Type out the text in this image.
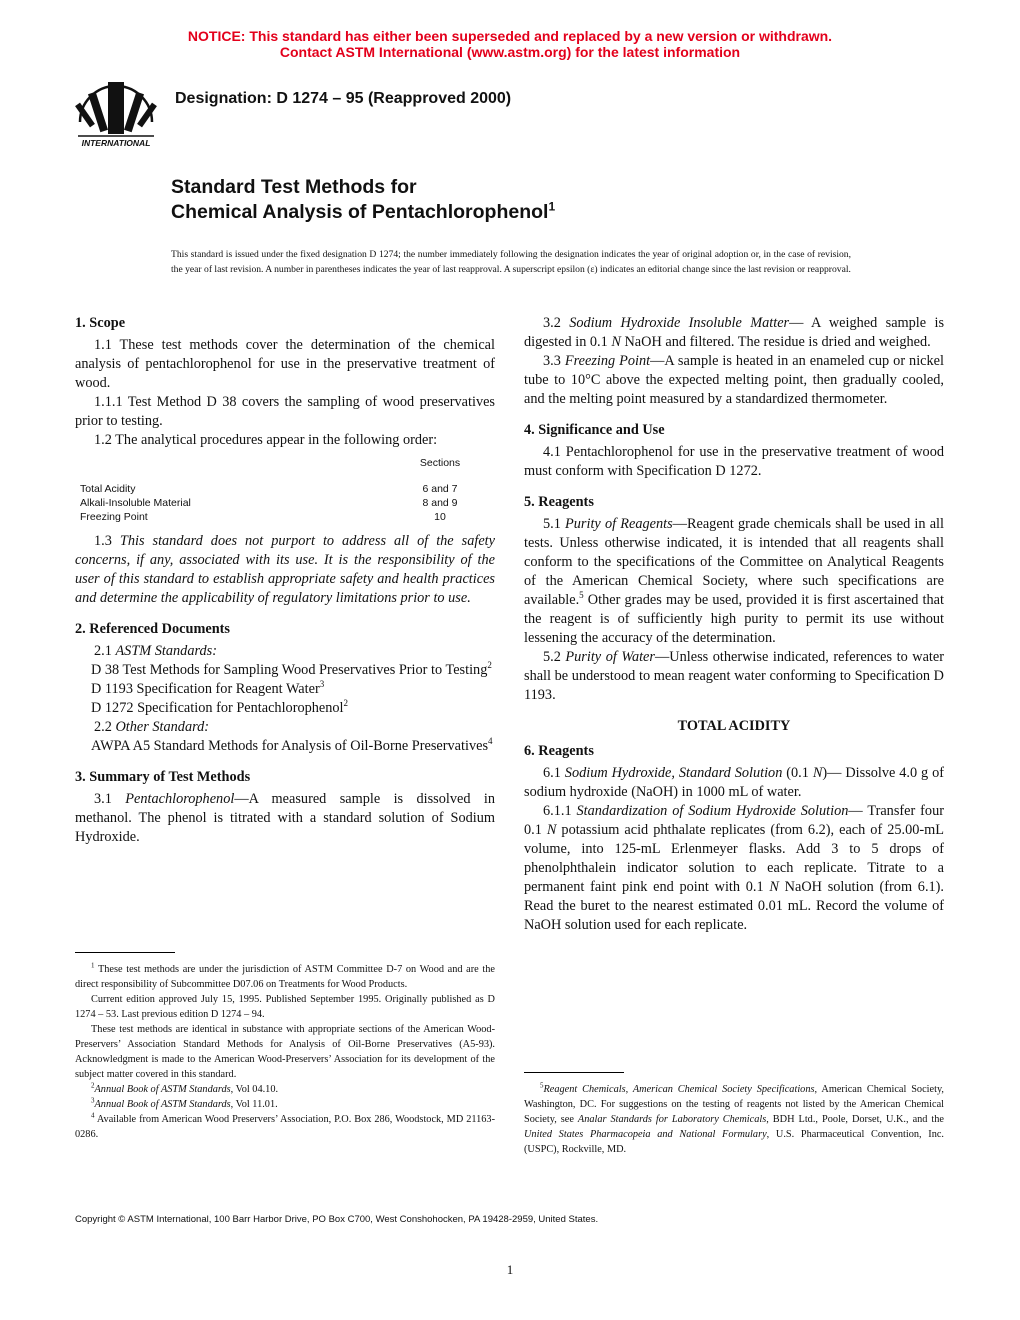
NOTICE: This standard has either been superseded and replaced by a new version or withdrawn.
Contact ASTM International (www.astm.org) for the latest information
INTERNATIONAL
Designation: D 1274 – 95 (Reapproved 2000)
Standard Test Methods for
Chemical Analysis of Pentachlorophenol$^1$
This standard is issued under the fixed designation D 1274; the number immediately following the designation indicates the year of original adoption or, in the case of revision, the year of last revision. A number in parentheses indicates the year of last reapproval. A superscript epsilon (ε) indicates an editorial change since the last revision or reapproval.

1. Scope

1.1 These test methods cover the determination of the chemical analysis of pentachlorophenol for use in the preservative treatment of wood.

1.1.1 Test Method D 38 covers the sampling of wood preservatives prior to testing.

1.2 The analytical procedures appear in the following order:

	Sections

Total Acidity	6 and 7
Alkali-Insoluble Material	8 and 9
Freezing Point	10

1.3 This standard does not purport to address all of the safety concerns, if any, associated with its use. It is the responsibility of the user of this standard to establish appropriate safety and health practices and determine the applicability of regulatory limitations prior to use.

2. Referenced Documents

2.1 ASTM Standards:

D 38 Test Methods for Sampling Wood Preservatives Prior to Testing$^2$

D 1193 Specification for Reagent Water$^3$

D 1272 Specification for Pentachlorophenol$^2$

2.2 Other Standard:

AWPA A5 Standard Methods for Analysis of Oil-Borne Preservatives$^4$

3. Summary of Test Methods

3.1 Pentachlorophenol—A measured sample is dissolved in methanol. The phenol is titrated with a standard solution of Sodium Hydroxide.

3.2 Sodium Hydroxide Insoluble Matter— A weighed sample is digested in 0.1 N NaOH and filtered. The residue is dried and weighed.

3.3 Freezing Point—A sample is heated in an enameled cup or nickel tube to 10°C above the expected melting point, then gradually cooled, and the melting point measured by a standardized thermometer.

4. Significance and Use

4.1 Pentachlorophenol for use in the preservative treatment of wood must conform with Specification D 1272.

5. Reagents

5.1 Purity of Reagents—Reagent grade chemicals shall be used in all tests. Unless otherwise indicated, it is intended that all reagents shall conform to the specifications of the Committee on Analytical Reagents of the American Chemical Society, where such specifications are available.$^5$ Other grades may be used, provided it is first ascertained that the reagent is of sufficiently high purity to permit its use without lessening the accuracy of the determination.

5.2 Purity of Water—Unless otherwise indicated, references to water shall be understood to mean reagent water conforming to Specification D 1193.

TOTAL ACIDITY

6. Reagents

6.1 Sodium Hydroxide, Standard Solution (0.1 N)— Dissolve 4.0 g of sodium hydroxide (NaOH) in 1000 mL of water.

6.1.1 Standardization of Sodium Hydroxide Solution— Transfer four 0.1 N potassium acid phthalate replicates (from 6.2), each of 25.00-mL volume, into 125-mL Erlenmeyer flasks. Add 3 to 5 drops of phenolphthalein indicator solution to each replicate. Titrate to a permanent faint pink end point with 0.1 N NaOH solution (from 6.1). Read the buret to the nearest estimated 0.01 mL. Record the volume of NaOH solution used for each replicate.

$^1$ These test methods are under the jurisdiction of ASTM Committee D-7 on Wood and are the direct responsibility of Subcommittee D07.06 on Treatments for Wood Products.

Current edition approved July 15, 1995. Published September 1995. Originally published as D 1274 – 53. Last previous edition D 1274 – 94.

These test methods are identical in substance with appropriate sections of the American Wood-Preservers’ Association Standard Methods for Analysis of Oil-Borne Preservatives (A5-93). Acknowledgment is made to the American Wood-Preservers’ Association for its development of the subject matter covered in this standard.

$^2$Annual Book of ASTM Standards, Vol 04.10.

$^3$Annual Book of ASTM Standards, Vol 11.01.

$^4$ Available from American Wood Preservers’ Association, P.O. Box 286, Woodstock, MD 21163-0286.

$^5$Reagent Chemicals, American Chemical Society Specifications, American Chemical Society, Washington, DC. For suggestions on the testing of reagents not listed by the American Chemical Society, see Analar Standards for Laboratory Chemicals, BDH Ltd., Poole, Dorset, U.K., and the United States Pharmacopeia and National Formulary, U.S. Pharmaceutical Convention, Inc. (USPC), Rockville, MD.

Copyright © ASTM International, 100 Barr Harbor Drive, PO Box C700, West Conshohocken, PA 19428-2959, United States.
1
